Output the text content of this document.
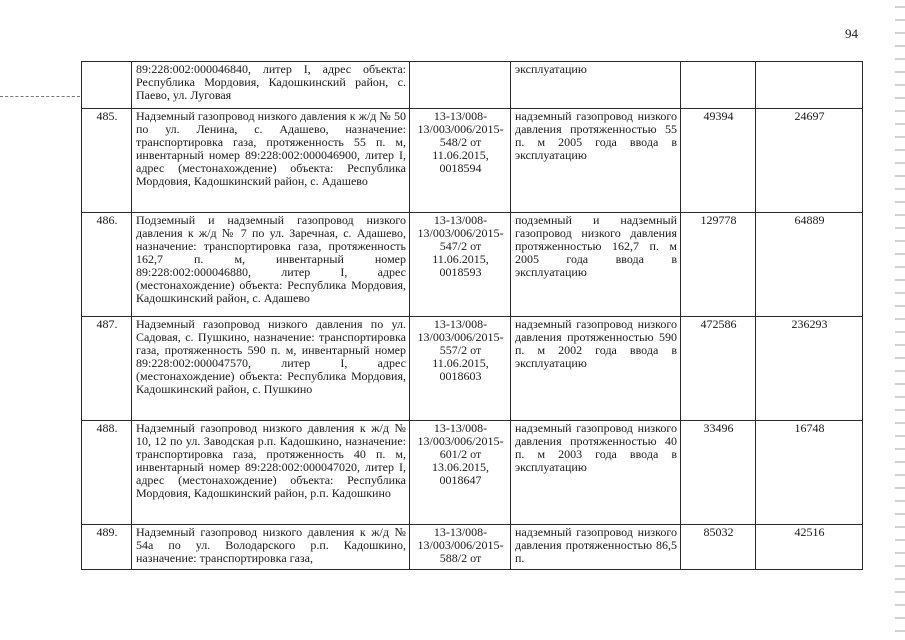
94
	89:228:002:000046840, литер I, адрес объекта: Республика Мордовия, Кадошкинский район, с. Паево, ул. Луговая		эксплуатацию		
485.	Надземный газопровод низкого давления к ж/д № 50 по ул. Ленина, с. Адашево, назначение: транспортировка газа, протяженность 55 п. м, инвентарный номер 89:228:002:000046900, литер I, адрес (местонахождение) объекта: Республика Мордовия, Кадошкинский район, с. Адашево	13-13/008-13/003/006/2015-548/2 от 11.06.2015, 0018594	надземный газопровод низкого давления протяженностью 55 п. м 2005 года ввода в эксплуатацию	49394	24697
486.	Подземный и надземный газопровод низкого давления к ж/д № 7 по ул. Заречная, с. Адашево, назначение: транспортировка газа, протяженность 162,7 п. м, инвентарный номер 89:228:002:000046880, литер I, адрес (местонахождение) объекта: Республика Мордовия, Кадошкинский район, с. Адашево	13-13/008-13/003/006/2015-547/2 от 11.06.2015, 0018593	подземный и надземный газопровод низкого давления протяженностью 162,7 п. м 2005 года ввода в эксплуатацию	129778	64889
487.	Надземный газопровод низкого давления по ул. Садовая, с. Пушкино, назначение: транспортировка газа, протяженность 590 п. м, инвентарный номер 89:228:002:000047570, литер I, адрес (местонахождение) объекта: Республика Мордовия, Кадошкинский район, с. Пушкино	13-13/008-13/003/006/2015-557/2 от 11.06.2015, 0018603	надземный газопровод низкого давления протяженностью 590 п. м 2002 года ввода в эксплуатацию	472586	236293
488.	Надземный газопровод низкого давления к ж/д № 10, 12 по ул. Заводская р.п. Кадошкино, назначение: транспортировка газа, протяженность 40 п. м, инвентарный номер 89:228:002:000047020, литер I, адрес (местонахождение) объекта: Республика Мордовия, Кадошкинский район, р.п. Кадошкино	13-13/008-13/003/006/2015-601/2 от 13.06.2015, 0018647	надземный газопровод низкого давления протяженностью 40 п. м 2003 года ввода в эксплуатацию	33496	16748
489.	Надземный газопровод низкого давления к ж/д № 54а по ул. Володарского р.п. Кадошкино, назначение: транспортировка газа,	13-13/008-13/003/006/2015-588/2 от	надземный газопровод низкого давления протяженностью 86,5 п.	85032	42516
